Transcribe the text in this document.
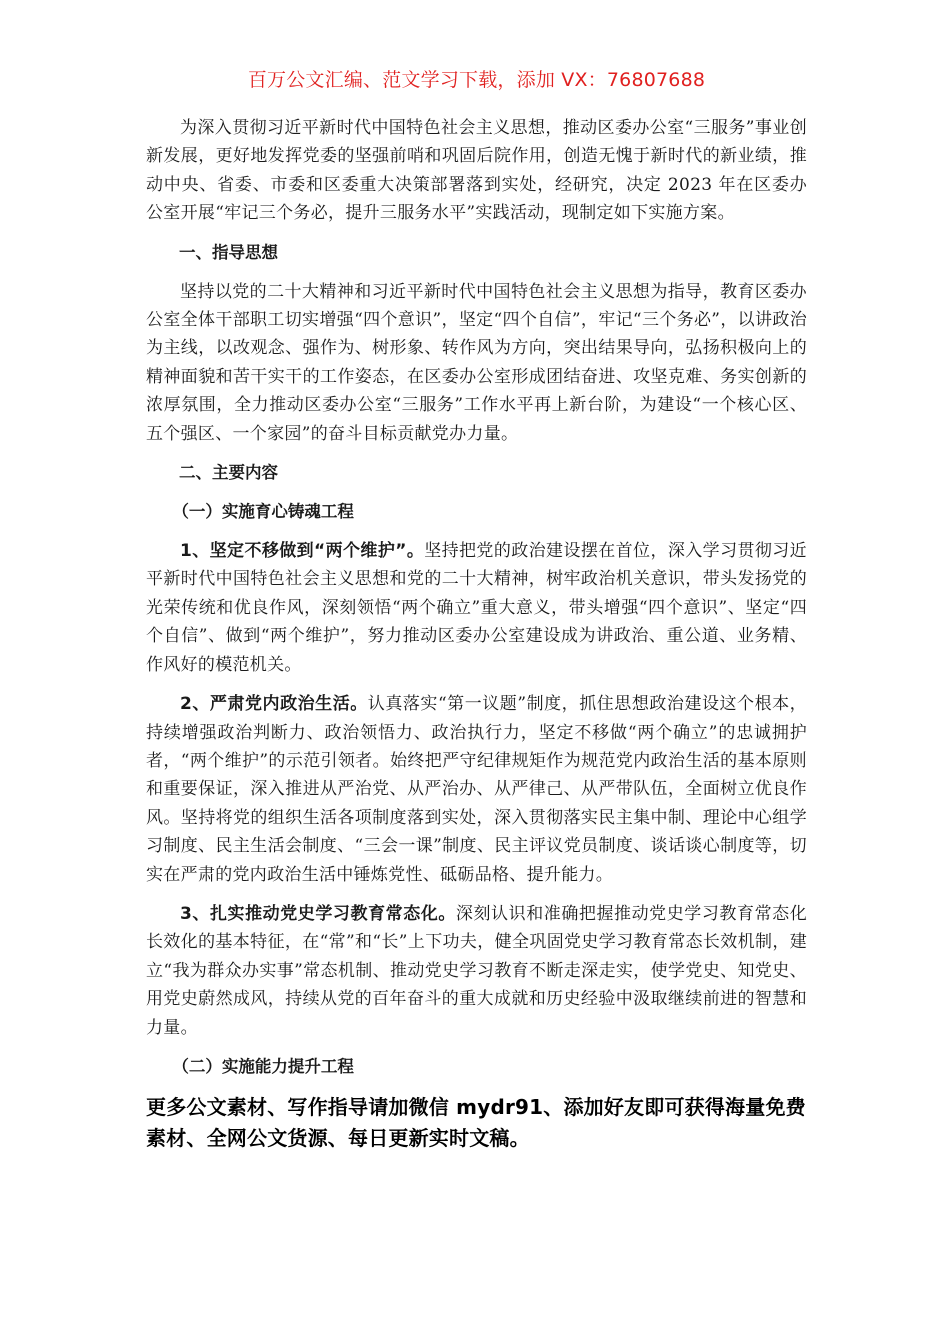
百万公文汇编、范文学习下载，添加 VX：76807688

为深入贯彻习近平新时代中国特色社会主义思想，推动区委办公室“三服务”事业创新发展，更好地发挥党委的坚强前哨和巩固后院作用，创造无愧于新时代的新业绩，推动中央、省委、市委和区委重大决策部署落到实处，经研究，决定 2023 年在区委办公室开展“牢记三个务必，提升三服务水平”实践活动，现制定如下实施方案。

一、指导思想

坚持以党的二十大精神和习近平新时代中国特色社会主义思想为指导，教育区委办公室全体干部职工切实增强“四个意识”，坚定“四个自信”，牢记“三个务必”，以讲政治为主线，以改观念、强作为、树形象、转作风为方向，突出结果导向，弘扬积极向上的精神面貌和苦干实干的工作姿态，在区委办公室形成团结奋进、攻坚克难、务实创新的浓厚氛围，全力推动区委办公室“三服务”工作水平再上新台阶，为建设“一个核心区、五个强区、一个家园”的奋斗目标贡献党办力量。

二、主要内容
（一）实施育心铸魂工程

1、坚定不移做到“两个维护”。坚持把党的政治建设摆在首位，深入学习贯彻习近平新时代中国特色社会主义思想和党的二十大精神，树牢政治机关意识，带头发扬党的光荣传统和优良作风，深刻领悟“两个确立”重大意义，带头增强“四个意识”、坚定“四个自信”、做到“两个维护”，努力推动区委办公室建设成为讲政治、重公道、业务精、作风好的模范机关。

2、严肃党内政治生活。认真落实“第一议题”制度，抓住思想政治建设这个根本，持续增强政治判断力、政治领悟力、政治执行力，坚定不移做“两个确立”的忠诚拥护者，“两个维护”的示范引领者。始终把严守纪律规矩作为规范党内政治生活的基本原则和重要保证，深入推进从严治党、从严治办、从严律己、从严带队伍，全面树立优良作风。坚持将党的组织生活各项制度落到实处，深入贯彻落实民主集中制、理论中心组学习制度、民主生活会制度、“三会一课”制度、民主评议党员制度、谈话谈心制度等，切实在严肃的党内政治生活中锤炼党性、砥砺品格、提升能力。

3、扎实推动党史学习教育常态化。深刻认识和准确把握推动党史学习教育常态化长效化的基本特征，在“常”和“长”上下功夫，健全巩固党史学习教育常态长效机制，建立“我为群众办实事”常态机制、推动党史学习教育不断走深走实，使学党史、知党史、用党史蔚然成风，持续从党的百年奋斗的重大成就和历史经验中汲取继续前进的智慧和力量。

（二）实施能力提升工程
更多公文素材、写作指导请加微信 mydr91、添加好友即可获得海量免费素材、全网公文货源、每日更新实时文稿。
